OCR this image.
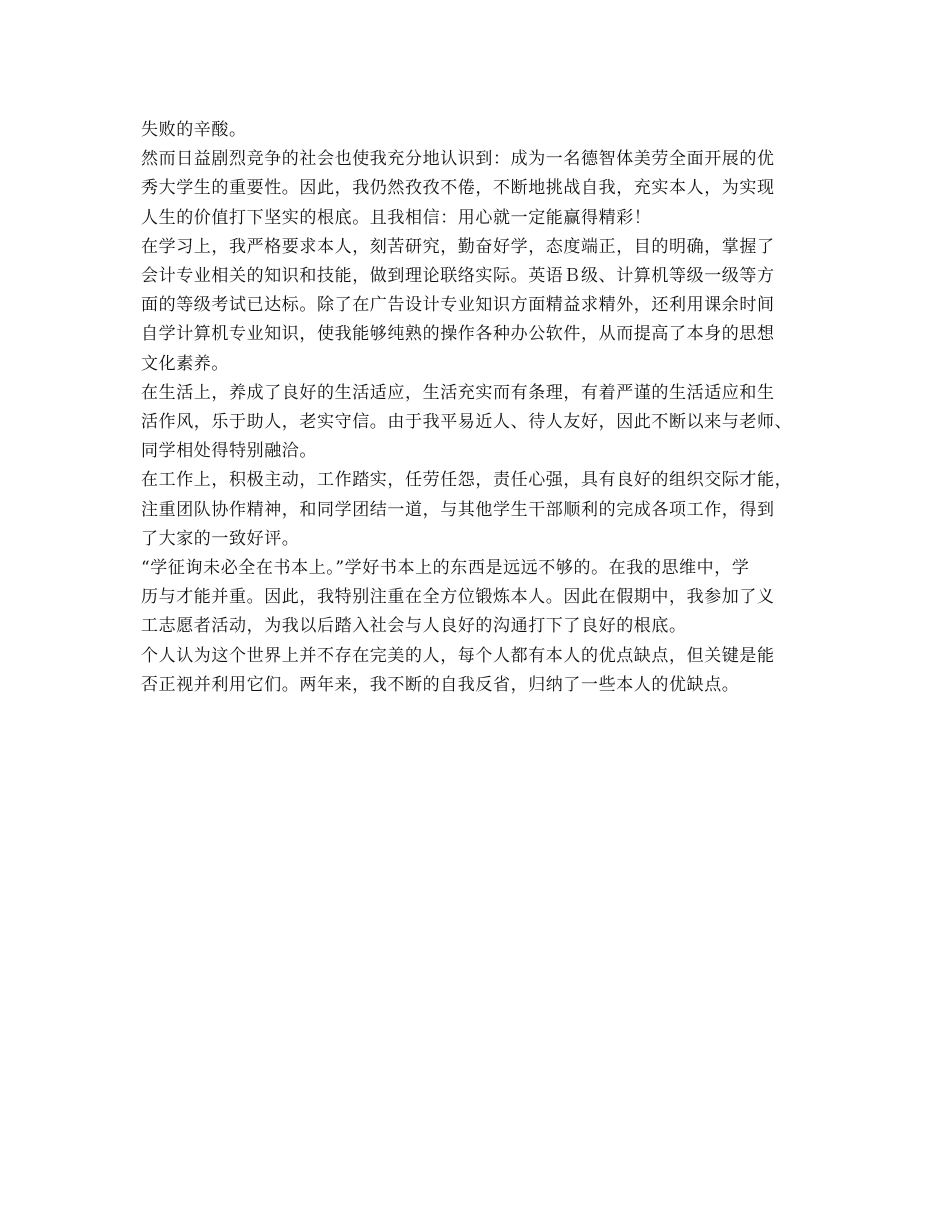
失败的辛酸。

然而日益剧烈竞争的社会也使我充分地认识到：成为一名德智体美劳全面开展的优
秀大学生的重要性。因此，我仍然孜孜不倦，不断地挑战自我，充实本人，为实现
人生的价值打下坚实的根底。且我相信：用心就一定能赢得精彩！

在学习上，我严格要求本人，刻苦研究，勤奋好学，态度端正，目的明确，掌握了
会计专业相关的知识和技能，做到理论联络实际。英语Ｂ级、计算机等级一级等方
面的等级考试已达标。除了在广告设计专业知识方面精益求精外，还利用课余时间
自学计算机专业知识，使我能够纯熟的操作各种办公软件，从而提高了本身的思想
文化素养。

在生活上，养成了良好的生活适应，生活充实而有条理，有着严谨的生活适应和生
活作风，乐于助人，老实守信。由于我平易近人、待人友好，因此不断以来与老师、
同学相处得特别融洽。

在工作上，积极主动，工作踏实，任劳任怨，责任心强，具有良好的组织交际才能，
注重团队协作精神，和同学团结一道，与其他学生干部顺利的完成各项工作，得到
了大家的一致好评。

“学征询未必全在书本上。”学好书本上的东西是远远不够的。在我的思维中，学
历与才能并重。因此，我特别注重在全方位锻炼本人。因此在假期中，我参加了义
工志愿者活动，为我以后踏入社会与人良好的沟通打下了良好的根底。

个人认为这个世界上并不存在完美的人，每个人都有本人的优点缺点，但关键是能
否正视并利用它们。两年来，我不断的自我反省，归纳了一些本人的优缺点。
